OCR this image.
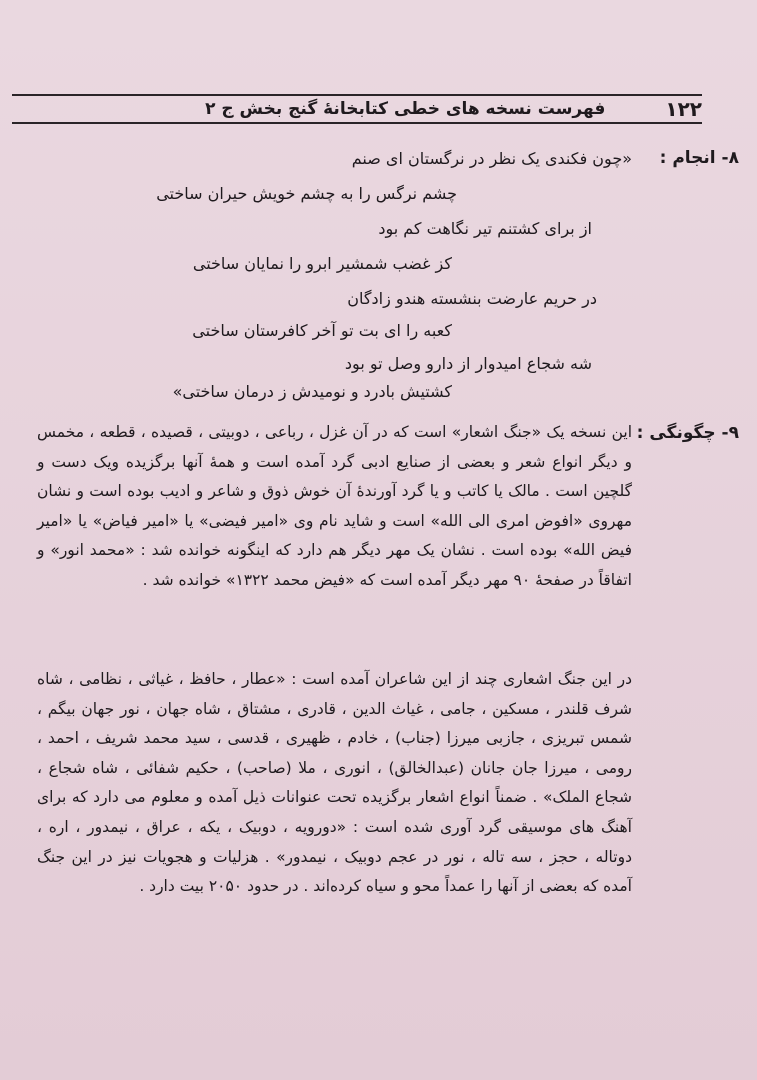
۱۲۲
فهرست نسخه های خطی کتابخانهٔ گنج بخش ج ۲
۸- انجام :
«چون فکندی یک نظر در نرگستان ای صنم
چشم نرگس را به چشم خویش حیران ساختی
از برای کشتنم تیر نگاهت کم بود
کز غضب شمشیر ابرو را نمایان ساختی
در حریم عارضت بنشسته هندو زادگان
کعبه را ای بت تو آخر کافرستان ساختی
شه شجاع امیدوار از دارو وصل تو بود
کشتیش بادرد و نومیدش ز درمان ساختی»
۹- چگونگی :

این نسخه یک «جنگ اشعار» است که در آن غزل ، رباعی ، دوبیتی ، قصیده ، قطعه ، مخمس و دیگر انواع شعر و بعضی از صنایع ادبی گرد آمده است و همهٔ آنها برگزیده ویک دست و گلچین است . مالک یا کاتب و یا گرد آورندهٔ آن خوش ذوق و شاعر و ادیب بوده است و نشان مهروی «افوض امری الی الله» است و شاید نام وی «امیر فیضی» یا «امیر فیاض» یا «امیر فیض الله» بوده است . نشان یک مهر دیگر هم دارد که اینگونه خوانده شد : «محمد انور» و اتفاقاً در صفحهٔ ۹۰ مهر دیگر آمده است که «فیض محمد ۱۳۲۲» خوانده شد .

در این جنگ اشعاری چند از این شاعران آمده است : «عطار ، حافظ ، غیاثی ، نظامی ، شاه شرف قلندر ، مسکین ، جامی ، غیاث الدین ، قادری ، مشتاق ، شاه جهان ، نور جهان بیگم ، شمس تبریزی ، جازبی میرزا (جناب) ، خادم ، ظهیری ، قدسی ، سید محمد شریف ، احمد ، رومی ، میرزا جان جانان (عبدالخالق) ، انوری ، ملا (صاحب) ، حکیم شفائی ، شاه شجاع ، شجاع الملک» . ضمناً انواع اشعار برگزیده تحت عنوانات ذیل آمده و معلوم می دارد که برای آهنگ های موسیقی گرد آوری شده است : «دورویه ، دوبیک ، یکه ، عراق ، نیمدور ، اره ، دوتاله ، حجز ، سه تاله ، نور در عجم دوبیک ، نیمدور» . هزلیات و هجویات نیز در این جنگ آمده که بعضی از آنها را عمداً محو و سیاه کرده‌اند . در حدود ۲۰۵۰ بیت دارد .
